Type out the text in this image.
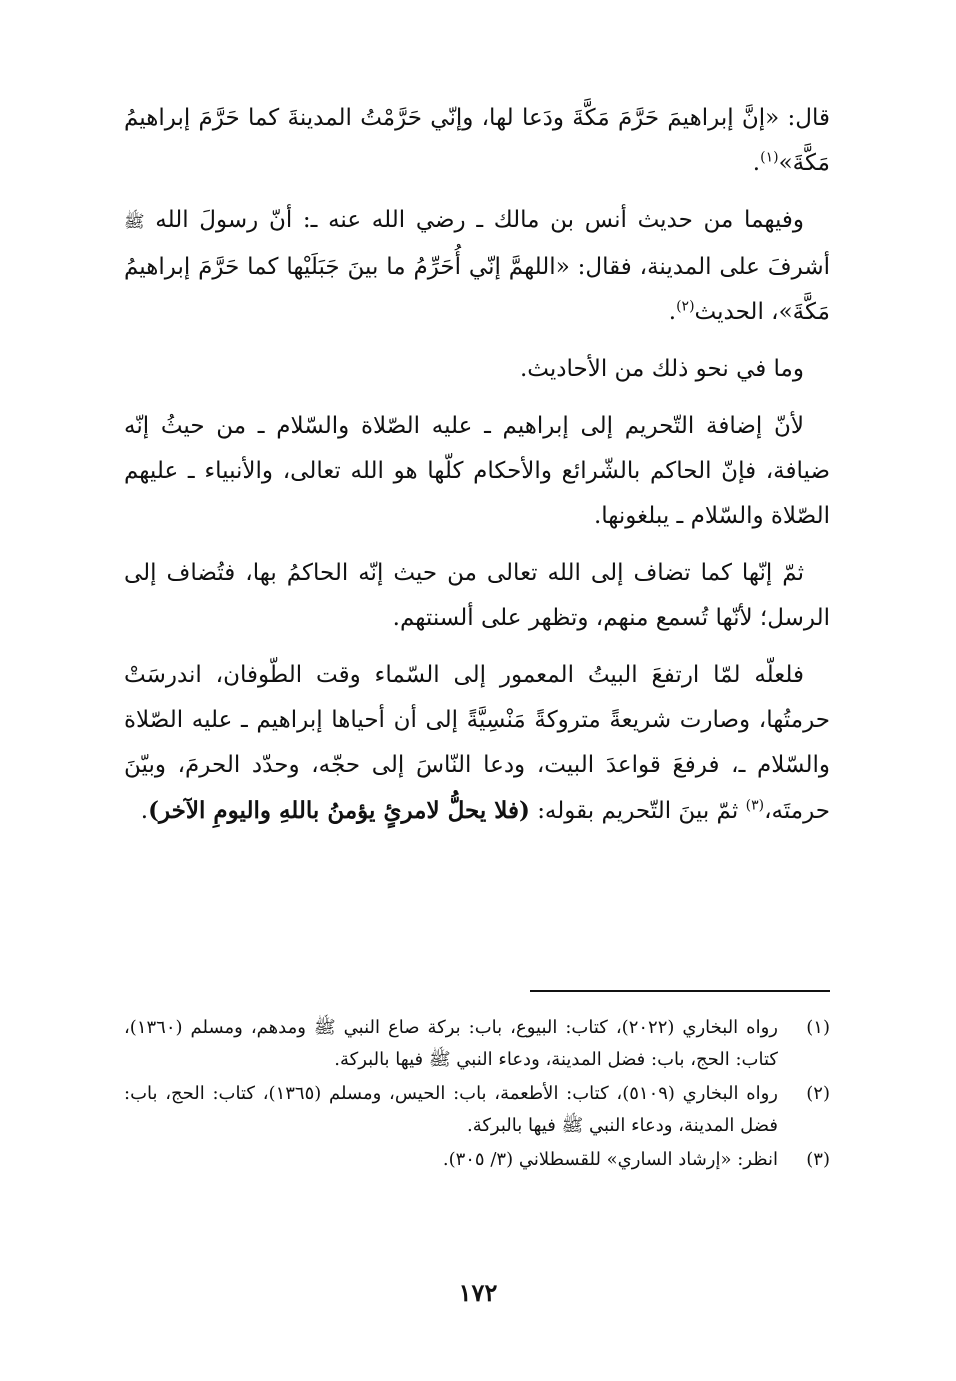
قال: «إنَّ إبراهيمَ حَرَّمَ مَكَّةَ ودَعا لها، وإنّي حَرَّمْتُ المدينةَ كما حَرَّمَ إبراهيمُ مَكَّةَ»$^{(١)}$.

وفيهما من حديث أنس بن مالك ـ رضي الله عنه ـ: أنّ رسولَ الله ﷺ أشرفَ على المدينة، فقال: «اللهمَّ إنّي أُحَرِّمُ ما بينَ جَبَلَيْها كما حَرَّمَ إبراهيمُ مَكَّةَ»، الحديث$^{(٢)}$.

وما في نحو ذلك من الأحاديث.

لأنّ إضافة التّحريم إلى إبراهيم ـ عليه الصّلاة والسّلام ـ من حيثُ إنّه ضيافة، فإنّ الحاكم بالشّرائع والأحكام كلّها هو الله تعالى، والأنبياء ـ عليهم الصّلاة والسّلام ـ يبلغونها.

ثمّ إنّها كما تضاف إلى الله تعالى من حيث إنّه الحاكمُ بها، فتُضاف إلى الرسل؛ لأنّها تُسمع منهم، وتظهر على ألسنتهم.

فلعلّه لمّا ارتفعَ البيتُ المعمور إلى السّماء وقت الطّوفان، اندرسَتْ حرمتُها، وصارت شريعةً متروكةً مَنْسِيَّةً إلى أن أحياها إبراهيم ـ عليه الصّلاة والسّلام ـ، فرفعَ قواعدَ البيت، ودعا النّاسَ إلى حجّه، وحدّد الحرمَ، وبيّنَ حرمتَه،$^{(٣)}$ ثمّ بينَ التّحريم بقوله: (فلا يحلُّ لامرئٍ يؤمنُ باللهِ واليومِ الآخر).

(١)
رواه البخاري (٢٠٢٢)، كتاب: البيوع، باب: بركة صاع النبي ﷺ ومدهم، ومسلم (١٣٦٠)، كتاب: الحج، باب: فضل المدينة، ودعاء النبي ﷺ فيها بالبركة.
(٢)
رواه البخاري (٥١٠٩)، كتاب: الأطعمة، باب: الحيس، ومسلم (١٣٦٥)، كتاب: الحج، باب: فضل المدينة، ودعاء النبي ﷺ فيها بالبركة.
(٣)
انظر: «إرشاد الساري» للقسطلاني (٣/ ٣٠٥).
١٧٢
